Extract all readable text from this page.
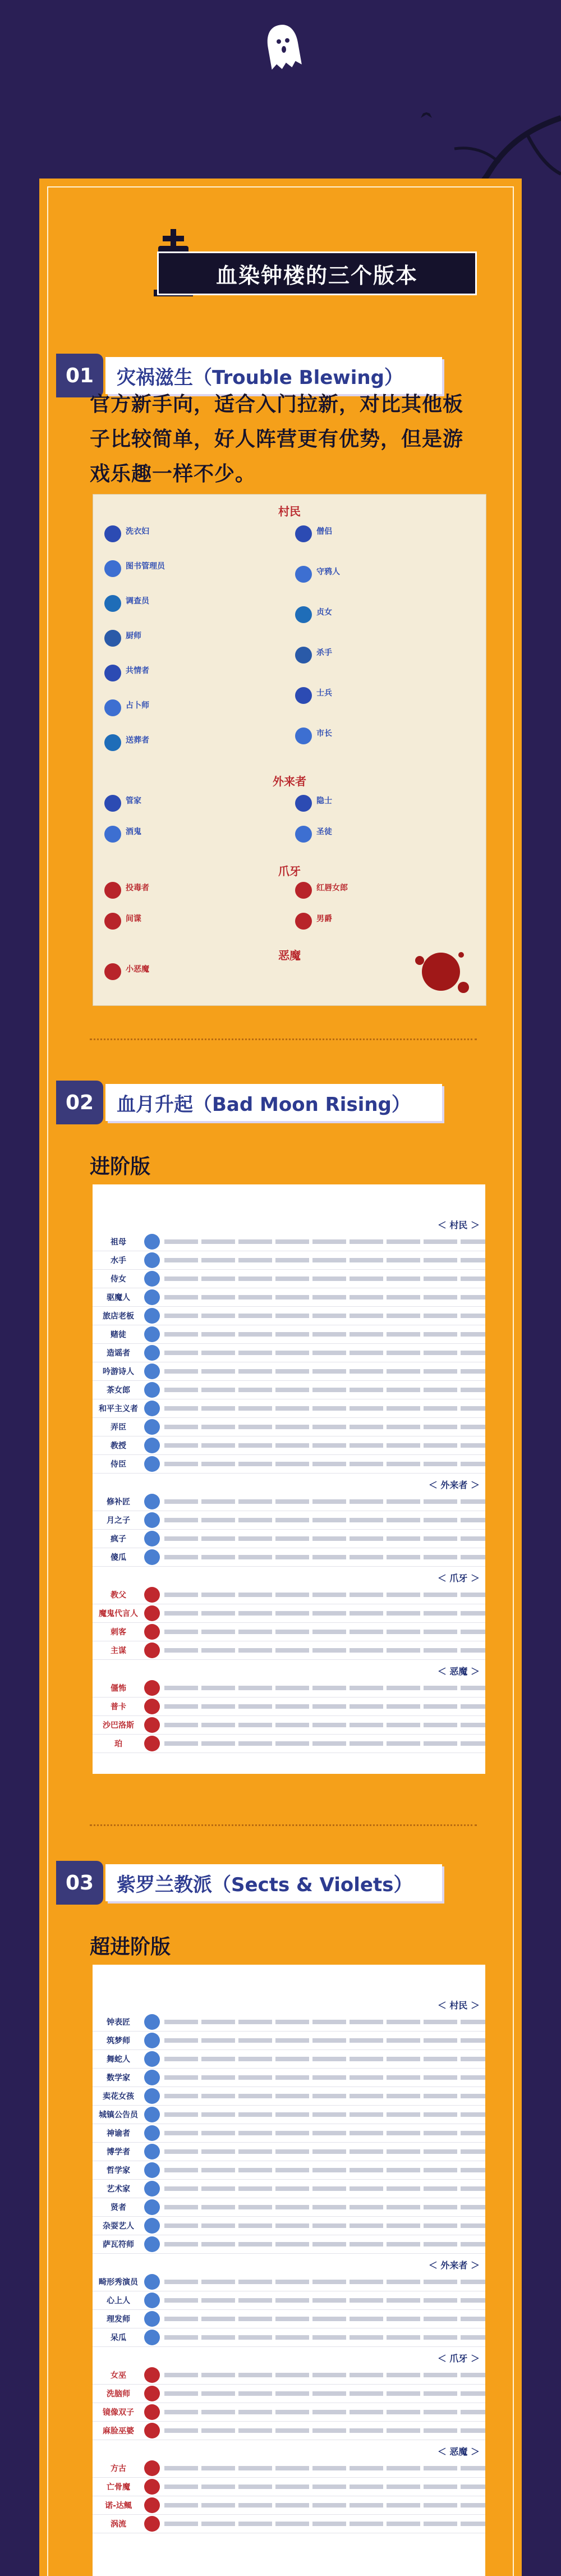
血染钟楼的三个版本
01	灾祸滋生（Trouble Blewing）
官方新手向，适合入门拉新，对比其他板子比较简单，好人阵营更有优势，但是游戏乐趣一样不少。
村民
洗衣妇
图书管理员
调查员
厨师
共情者
占卜师
送葬者
僧侣
守鸦人
贞女
杀手
士兵
市长
外来者
管家
酒鬼
隐士
圣徒
爪牙
投毒者
间谍
红唇女郎
男爵
恶魔
小恶魔
02	血月升起（Bad Moon Rising）
进阶版
＜ 村民 ＞
祖母
水手
侍女
驱魔人
旅店老板
赌徒
造谣者
吟游诗人
茶女郎
和平主义者
弄臣
教授
侍臣
＜ 外来者 ＞
修补匠
月之子
疯子
傻瓜
＜ 爪牙 ＞
教父
魔鬼代言人
刺客
主谋
＜ 恶魔 ＞
僵怖
普卡
沙巴洛斯
珀
03	紫罗兰教派（Sects & Violets）
超进阶版
＜ 村民 ＞
钟表匠
筑梦师
舞蛇人
数学家
卖花女孩
城镇公告员
神谕者
博学者
哲学家
艺术家
贤者
杂耍艺人
萨瓦符师
＜ 外来者 ＞
畸形秀演员
心上人
理发师
呆瓜
＜ 爪牙 ＞
女巫
洗脑师
镜像双子
麻脸巫婆
＜ 恶魔 ＞
方古
亡骨魔
诺-达鲺
涡流
